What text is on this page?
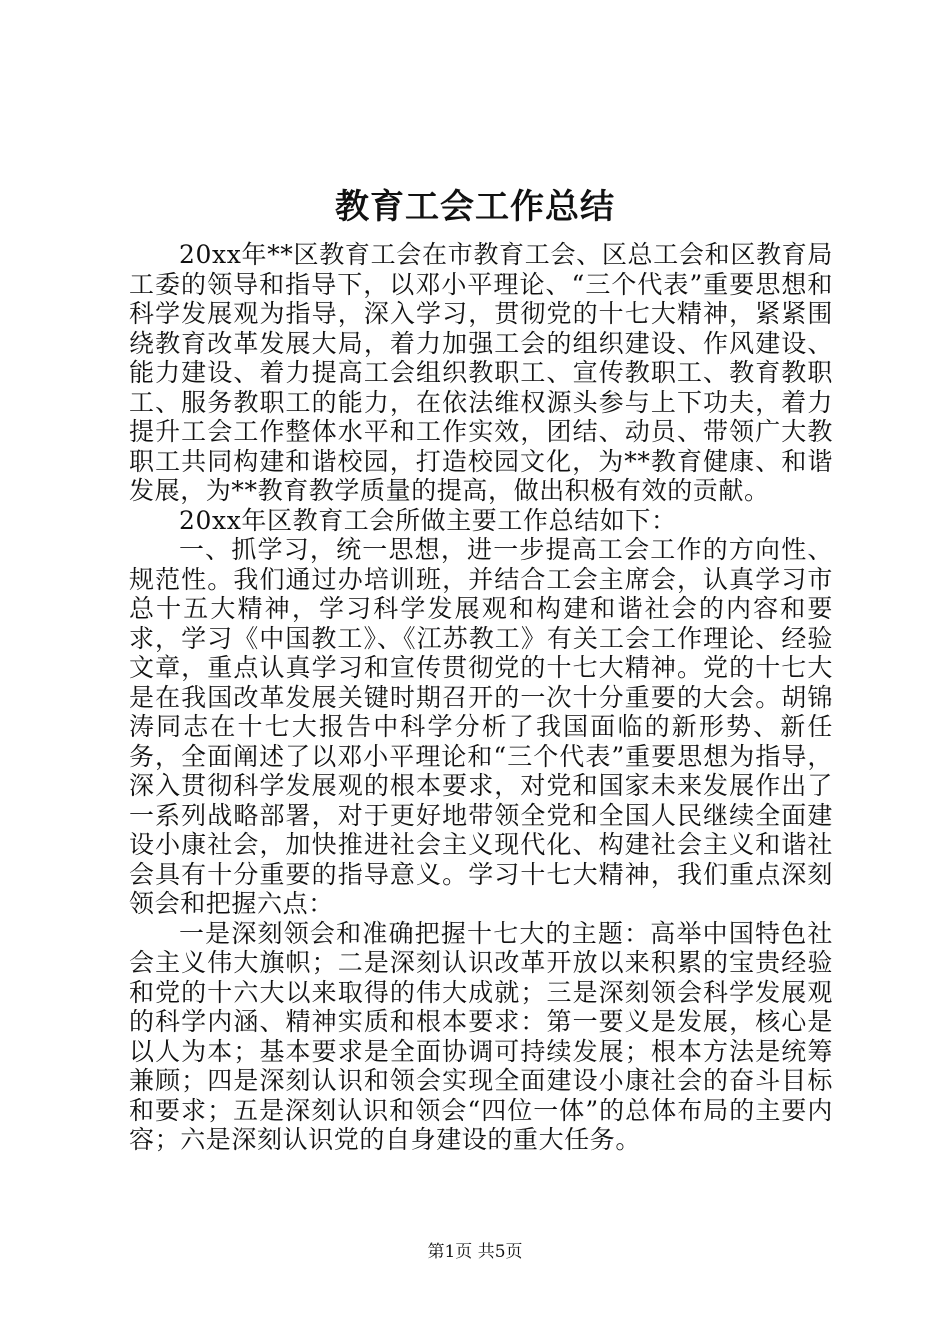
教育工会工作总结

20xx年**区教育工会在市教育工会、区总工会和区教育局工委的领导和指导下，以邓小平理论、“三个代表”重要思想和科学发展观为指导，深入学习，贯彻党的十七大精神，紧紧围绕教育改革发展大局，着力加强工会的组织建设、作风建设、能力建设、着力提高工会组织教职工、宣传教职工、教育教职工、服务教职工的能力，在依法维权源头参与上下功夫，着力提升工会工作整体水平和工作实效，团结、动员、带领广大教职工共同构建和谐校园，打造校园文化，为**教育健康、和谐发展，为**教育教学质量的提高，做出积极有效的贡献。

20xx年区教育工会所做主要工作总结如下：

一、抓学习，统一思想，进一步提高工会工作的方向性、规范性。我们通过办培训班，并结合工会主席会，认真学习市总十五大精神，学习科学发展观和构建和谐社会的内容和要求，学习《中国教工》、《江苏教工》有关工会工作理论、经验文章，重点认真学习和宣传贯彻党的十七大精神。党的十七大是在我国改革发展关键时期召开的一次十分重要的大会。胡锦涛同志在十七大报告中科学分析了我国面临的新形势、新任务，全面阐述了以邓小平理论和“三个代表”重要思想为指导，深入贯彻科学发展观的根本要求，对党和国家未来发展作出了一系列战略部署，对于更好地带领全党和全国人民继续全面建设小康社会，加快推进社会主义现代化、构建社会主义和谐社会具有十分重要的指导意义。学习十七大精神，我们重点深刻领会和把握六点：

一是深刻领会和准确把握十七大的主题：高举中国特色社会主义伟大旗帜；二是深刻认识改革开放以来积累的宝贵经验和党的十六大以来取得的伟大成就；三是深刻领会科学发展观的科学内涵、精神实质和根本要求：第一要义是发展，核心是以人为本；基本要求是全面协调可持续发展；根本方法是统筹兼顾；四是深刻认识和领会实现全面建设小康社会的奋斗目标和要求；五是深刻认识和领会“四位一体”的总体布局的主要内容；六是深刻认识党的自身建设的重大任务。

第1页 共5页
